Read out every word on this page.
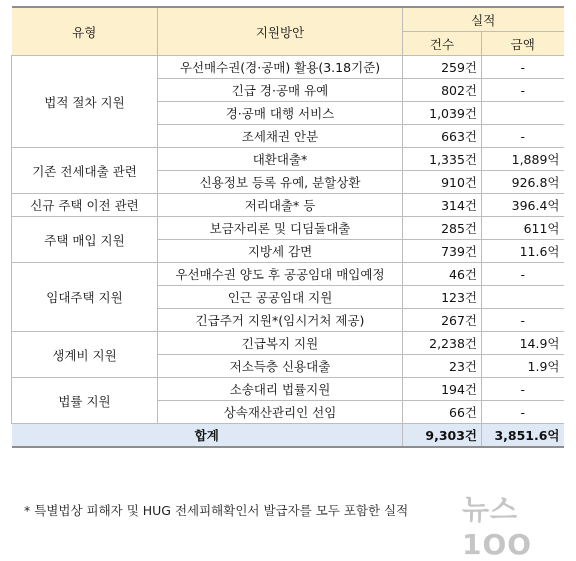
유형	지원방안	실적	
		건수	금액
법적 절차 지원	우선매수권(경·공매) 활용(3.18기준)	259건	-
	긴급 경·공매 유예	802건	-
	경·공매 대행 서비스	1,039건	
	조세채권 안분	663건	-
기존 전세대출 관련	대환대출*	1,335건	1,889억
	신용정보 등록 유예, 분할상환	910건	926.8억
신규 주택 이전 관련	저리대출* 등	314건	396.4억
주택 매입 지원	보금자리론 및 디딤돌대출	285건	611억
	지방세 감면	739건	11.6억
임대주택 지원	우선매수권 양도 후 공공임대 매입예정	46건	-
	인근 공공임대 지원	123건	
	긴급주거 지원*(임시거처 제공)	267건	-
생계비 지원	긴급복지 지원	2,238건	14.9억
	저소득층 신용대출	23건	1.9억
법률 지원	소송대리 법률지원	194건	-
	상속재산관리인 선임	66건	-
합계		9,303건	3,851.6억
* 특별법상 피해자 및 HUG 전세피해확인서 발급자를 모두 포함한 실적 뉴스1OO
